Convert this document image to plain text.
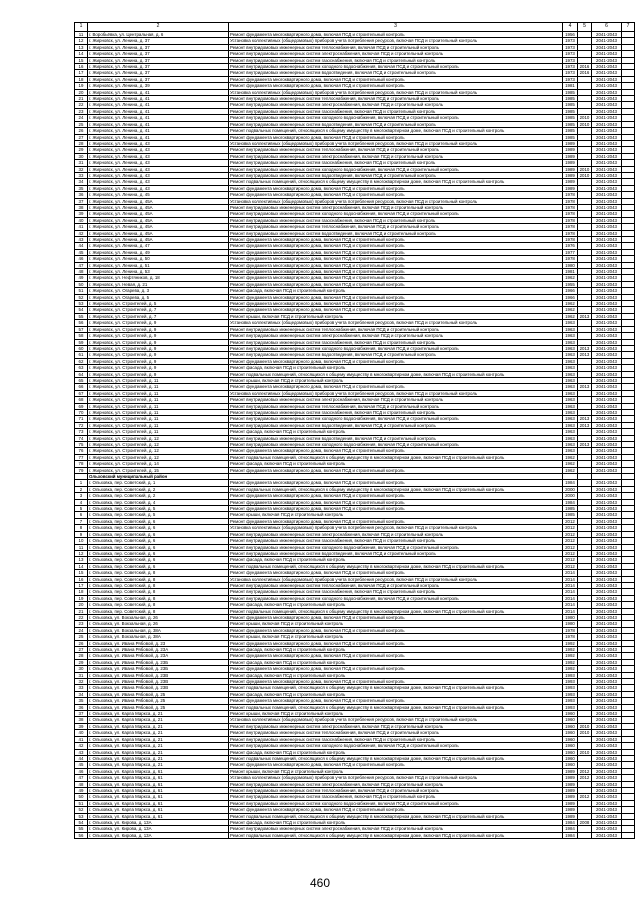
1	2	3	4	5	6	7
11	г. Воробьёвка, ул. Центральная, д. 6	Ремонт фундамента многоквартирного дома, включая ПСД и строительный контроль	1956		2041-2043	
12	г. Жирновск, ул. Ленина, д. 37	Установка коллективных (общедомовых) приборов учета потребления ресурсов, включая ПСД и строительный контроль	1973		2041-2043	
13	г. Жирновск, ул. Ленина, д. 37	Ремонт внутридомовых инженерных систем теплоснабжения, включая ПСД и строительный контроль	1973		2041-2043	
14	г. Жирновск, ул. Ленина, д. 37	Ремонт внутридомовых инженерных систем электроснабжения, включая ПСД и строительный контроль	1973		2041-2043	
15	г. Жирновск, ул. Ленина, д. 37	Ремонт внутридомовых инженерных систем газоснабжения, включая ПСД и строительный контроль	1973		2041-2043	
16	г. Жирновск, ул. Ленина, д. 37	Ремонт внутридомовых инженерных систем холодного водоснабжения, включая ПСД и строительный контроль	1973	2016	2041-2043	
17	г. Жирновск, ул. Ленина, д. 37	Ремонт внутридомовых инженерных систем водоотведения, включая ПСД и строительный контроль	1973	2016	2041-2043	
18	г. Жирновск, ул. Ленина, д. 37	Ремонт фундамента многоквартирного дома, включая ПСД и строительный контроль	1973		2041-2043	
19	г. Жирновск, ул. Ленина, д. 39	Ремонт фундамента многоквартирного дома, включая ПСД и строительный контроль	1981		2041-2043	
20	г. Жирновск, ул. Ленина, д. 41	Установка коллективных (общедомовых) приборов учета потребления ресурсов, включая ПСД и строительный контроль	1985		2041-2043	
21	г. Жирновск, ул. Ленина, д. 41	Ремонт внутридомовых инженерных систем теплоснабжения, включая ПСД и строительный контроль	1985		2041-2043	
22	г. Жирновск, ул. Ленина, д. 41	Ремонт внутридомовых инженерных систем электроснабжения, включая ПСД и строительный контроль	1985		2041-2043	
23	г. Жирновск, ул. Ленина, д. 41	Ремонт внутридомовых инженерных систем газоснабжения, включая ПСД и строительный контроль	1985		2041-2043	
24	г. Жирновск, ул. Ленина, д. 41	Ремонт внутридомовых инженерных систем холодного водоснабжения, включая ПСД и строительный контроль	1985	2010	2041-2043	
25	г. Жирновск, ул. Ленина, д. 41	Ремонт внутридомовых инженерных систем водоотведения, включая ПСД и строительный контроль	1985	2010	2041-2043	
26	г. Жирновск, ул. Ленина, д. 41	Ремонт подвальных помещений, относящихся к общему имуществу в многоквартирном доме, включая ПСД и строительный контроль	1985		2041-2043	
27	г. Жирновск, ул. Ленина, д. 41	Ремонт фундамента многоквартирного дома, включая ПСД и строительный контроль	1985		2041-2043	
28	г. Жирновск, ул. Ленина, д. 43	Установка коллективных (общедомовых) приборов учета потребления ресурсов, включая ПСД и строительный контроль	1989		2041-2043	
29	г. Жирновск, ул. Ленина, д. 43	Ремонт внутридомовых инженерных систем теплоснабжения, включая ПСД и строительный контроль	1989		2041-2043	
30	г. Жирновск, ул. Ленина, д. 43	Ремонт внутридомовых инженерных систем электроснабжения, включая ПСД и строительный контроль	1989		2041-2043	
31	г. Жирновск, ул. Ленина, д. 43	Ремонт внутридомовых инженерных систем газоснабжения, включая ПСД и строительный контроль	1989		2041-2043	
32	г. Жирновск, ул. Ленина, д. 43	Ремонт внутридомовых инженерных систем холодного водоснабжения, включая ПСД и строительный контроль	1989	2010	2041-2043	
33	г. Жирновск, ул. Ленина, д. 43	Ремонт внутридомовых инженерных систем водоотведения, включая ПСД и строительный контроль	1989	2010	2041-2043	
34	г. Жирновск, ул. Ленина, д. 43	Ремонт подвальных помещений, относящихся к общему имуществу в многоквартирном доме, включая ПСД и строительный контроль	1989		2041-2043	
35	г. Жирновск, ул. Ленина, д. 43	Ремонт фундамента многоквартирного дома, включая ПСД и строительный контроль	1989		2041-2043	
36	г. Жирновск, ул. Ленина, д. 45	Ремонт фундамента многоквартирного дома, включая ПСД и строительный контроль	1978		2041-2043	
37	г. Жирновск, ул. Ленина, д. 45А	Установка коллективных (общедомовых) приборов учета потребления ресурсов, включая ПСД и строительный контроль	1978		2041-2043	
38	г. Жирновск, ул. Ленина, д. 45А	Ремонт внутридомовых инженерных систем электроснабжения, включая ПСД и строительный контроль	1978		2041-2043	
39	г. Жирновск, ул. Ленина, д. 45А	Ремонт внутридомовых инженерных систем холодного водоснабжения, включая ПСД и строительный контроль	1978		2041-2043	
40	г. Жирновск, ул. Ленина, д. 45А	Ремонт внутридомовых инженерных систем газоснабжения, включая ПСД и строительный контроль	1978		2041-2043	
41	г. Жирновск, ул. Ленина, д. 45А	Ремонт внутридомовых инженерных систем теплоснабжения, включая ПСД и строительный контроль	1978		2041-2043	
42	г. Жирновск, ул. Ленина, д. 45А	Ремонт внутридомовых инженерных систем водоотведения, включая ПСД и строительный контроль	1978		2041-2043	
43	г. Жирновск, ул. Ленина, д. 45А	Ремонт фундамента многоквартирного дома, включая ПСД и строительный контроль	1978		2041-2043	
44	г. Жирновск, ул. Ленина, д. 47	Ремонт фундамента многоквартирного дома, включая ПСД и строительный контроль	1976		2041-2043	
45	г. Жирновск, ул. Ленина, д. 49	Ремонт фундамента многоквартирного дома, включая ПСД и строительный контроль	1977		2041-2043	
46	г. Жирновск, ул. Ленина, д. 50	Ремонт фундамента многоквартирного дома, включая ПСД и строительный контроль	1978		2041-2043	
47	г. Жирновск, ул. Ленина, д. 51	Ремонт фундамента многоквартирного дома, включая ПСД и строительный контроль	1980		2041-2043	
48	г. Жирновск, ул. Ленина, д. 53	Ремонт фундамента многоквартирного дома, включая ПСД и строительный контроль	1981		2041-2043	
49	г. Жирновск, ул. Нефтяников, д. 18	Ремонт фундамента многоквартирного дома, включая ПСД и строительный контроль	1962		2041-2043	
50	г. Жирновск, ул. Невая, д. 21	Ремонт фундамента многоквартирного дома, включая ПСД и строительный контроль	1955		2041-2043	
51	г. Жирновск, ул. Огарева, д. 3	Ремонт фасада, включая ПСД и строительный контроль	1966		2041-2043	
52	г. Жирновск, ул. Огарева, д. 5	Ремонт фундамента многоквартирного дома, включая ПСД и строительный контроль	1966		2041-2043	
53	г. Жирновск, ул. Строителей, д. 5	Ремонт фундамента многоквартирного дома, включая ПСД и строительный контроль	1962		2041-2043	
54	г. Жирновск, ул. Строителей, д. 7	Ремонт фундамента многоквартирного дома, включая ПСД и строительный контроль	1962		2041-2043	
55	г. Жирновск, ул. Строителей, д. 7	Ремонт крыши, включая ПСД и строительный контроль	1962	2013	2041-2043	
56	г. Жирновск, ул. Строителей, д. 9	Установка коллективных (общедомовых) приборов учета потребления ресурсов, включая ПСД и строительный контроль	1963		2041-2043	
57	г. Жирновск, ул. Строителей, д. 9	Ремонт внутридомовых инженерных систем теплоснабжения, включая ПСД и строительный контроль	1963		2041-2043	
58	г. Жирновск, ул. Строителей, д. 9	Ремонт внутридомовых инженерных систем электроснабжения, включая ПСД и строительный контроль	1963		2041-2043	
59	г. Жирновск, ул. Строителей, д. 9	Ремонт внутридомовых инженерных систем газоснабжения, включая ПСД и строительный контроль	1963		2041-2043	
60	г. Жирновск, ул. Строителей, д. 9	Ремонт внутридомовых инженерных систем холодного водоснабжения, включая ПСД и строительный контроль	1963	2013	2041-2043	
61	г. Жирновск, ул. Строителей, д. 9	Ремонт внутридомовых инженерных систем водоотведения, включая ПСД и строительный контроль	1963	2013	2041-2043	
62	г. Жирновск, ул. Строителей, д. 9	Ремонт фундамента многоквартирного дома, включая ПСД и строительный контроль	1963		2041-2043	
63	г. Жирновск, ул. Строителей, д. 9	Ремонт фасада, включая ПСД и строительный контроль	1963		2041-2043	
64	г. Жирновск, ул. Строителей, д. 9	Ремонт подвальных помещений, относящихся к общему имуществу в многоквартирном доме, включая ПСД и строительный контроль	1963		2041-2043	
65	г. Жирновск, ул. Строителей, д. 11	Ремонт крыши, включая ПСД и строительный контроль	1963		2041-2043	
66	г. Жирновск, ул. Строителей, д. 11	Ремонт фундамента многоквартирного дома, включая ПСД и строительный контроль	1963	2013	2041-2043	
67	г. Жирновск, ул. Строителей, д. 11	Установка коллективных (общедомовых) приборов учета потребления ресурсов, включая ПСД и строительный контроль	1963		2041-2043	
68	г. Жирновск, ул. Строителей, д. 11	Ремонт внутридомовых инженерных систем электроснабжения, включая ПСД и строительный контроль	1963		2041-2043	
69	г. Жирновск, ул. Строителей, д. 11	Ремонт внутридомовых инженерных систем теплоснабжения, включая ПСД и строительный контроль	1963		2041-2043	
70	г. Жирновск, ул. Строителей, д. 11	Ремонт внутридомовых инженерных систем газоснабжения, включая ПСД и строительный контроль	1963		2041-2043	
71	г. Жирновск, ул. Строителей, д. 11	Ремонт внутридомовых инженерных систем холодного водоснабжения, включая ПСД и строительный контроль	1963	2013	2041-2043	
72	г. Жирновск, ул. Строителей, д. 11	Ремонт внутридомовых инженерных систем водоотведения, включая ПСД и строительный контроль	1963	2013	2041-2043	
73	г. Жирновск, ул. Строителей, д. 11	Ремонт фасада, включая ПСД и строительный контроль	1963		2041-2043	
74	г. Жирновск, ул. Строителей, д. 12	Ремонт внутридомовых инженерных систем водоотведения, включая ПСД и строительный контроль	1963		2041-2043	
75	г. Жирновск, ул. Строителей, д. 12	Ремонт внутридомовых инженерных систем холодного водоснабжения, включая ПСД и строительный контроль	1963	2013	2041-2043	
76	г. Жирновск, ул. Строителей, д. 12	Ремонт фундамента многоквартирного дома, включая ПСД и строительный контроль	1963		2041-2043	
77	г. Жирновск, ул. Строителей, д. 12	Ремонт подвальных помещений, относящихся к общему имуществу в многоквартирном доме, включая ПСД и строительный контроль	1962		2041-2043	
78	г. Жирновск, ул. Строителей, д. 14	Ремонт фасада, включая ПСД и строительный контроль	1962		2041-2043	
79	г. Жирновск, ул. Строителей, д. 15	Ремонт фундамента многоквартирного дома, включая ПСД и строительный контроль	1962		2041-2043	
	Ольховский муниципальный район					
1	г. Ольховка, пер. Советский, д. 1	Ремонт фундамента многоквартирного дома, включая ПСД и строительный контроль	1984		2041-2043	
2	г. Ольховка, пер. Советский, д. 2	Ремонт подвальных помещений, относящихся к общему имуществу в многоквартирном доме, включая ПСД и строительный контроль	2000		2041-2043	
3	г. Ольховка, пер. Советский, д. 2	Ремонт фундамента многоквартирного дома, включая ПСД и строительный контроль	2000		2041-2043	
4	г. Ольховка, пер. Советский, д. 4	Ремонт фундамента многоквартирного дома, включая ПСД и строительный контроль	1984		2041-2043	
5	г. Ольховка, пер. Советский, д. 5	Ремонт фундамента многоквартирного дома, включая ПСД и строительный контроль	1985		2041-2043	
6	г. Ольховка, пер. Советский, д. 5	Ремонт крыши, включая ПСД и строительный контроль	1985		2041-2043	
7	г. Ольховка, пер. Советский, д. 6	Ремонт фундамента многоквартирного дома, включая ПСД и строительный контроль	2012		2041-2043	
8	г. Ольховка, пер. Советский, д. 6	Установка коллективных (общедомовых) приборов учета потребления ресурсов, включая ПСД и строительный контроль	2012		2041-2043	
9	г. Ольховка, пер. Советский, д. 6	Ремонт внутридомовых инженерных систем электроснабжения, включая ПСД и строительный контроль	2012		2041-2043	
10	г. Ольховка, пер. Советский, д. 6	Ремонт внутридомовых инженерных систем газоснабжения, включая ПСД и строительный контроль	2012		2041-2043	
11	г. Ольховка, пер. Советский, д. 6	Ремонт внутридомовых инженерных систем холодного водоснабжения, включая ПСД и строительный контроль	2012		2041-2043	
12	г. Ольховка, пер. Советский, д. 6	Ремонт внутридомовых инженерных систем водоотведения, включая ПСД и строительный контроль	2012		2041-2043	
13	г. Ольховка, пер. Советский, д. 6	Ремонт фасада, включая ПСД и строительный контроль	2012		2041-2043	
14	г. Ольховка, пер. Советский, д. 6	Ремонт подвальных помещений, относящихся к общему имуществу в многоквартирном доме, включая ПСД и строительный контроль	2012		2041-2043	
15	г. Ольховка, пер. Советский, д. 8	Ремонт фундамента многоквартирного дома, включая ПСД и строительный контроль	2014		2041-2043	
16	г. Ольховка, пер. Советский, д. 8	Установка коллективных (общедомовых) приборов учета потребления ресурсов, включая ПСД и строительный контроль	2014		2041-2043	
17	г. Ольховка, пер. Советский, д. 8	Ремонт внутридомовых инженерных систем теплоснабжения, включая ПСД и строительный контроль	2014		2041-2043	
18	г. Ольховка, пер. Советский, д. 8	Ремонт внутридомовых инженерных систем газоснабжения, включая ПСД и строительный контроль	2014		2041-2043	
19	г. Ольховка, пер. Советский, д. 8	Ремонт внутридомовых инженерных систем холодного водоснабжения, включая ПСД и строительный контроль	2014		2041-2043	
20	г. Ольховка, пер. Советский, д. 8	Ремонт фасада, включая ПСД и строительный контроль	2014		2041-2043	
21	г. Ольховка, пер. Советский, д. 8	Ремонт подвальных помещений, относящихся к общему имуществу в многоквартирном доме, включая ПСД и строительный контроль	2014		2041-2043	
22	г. Ольховка, ул. Вокзальная, д. 26	Ремонт фундамента многоквартирного дома, включая ПСД и строительный контроль	1980		2041-2043	
23	г. Ольховка, ул. Вокзальная, д. 26	Ремонт крыши, включая ПСД и строительный контроль	1980		2041-2043	
24	г. Ольховка, ул. Вокзальная, д. 38А	Ремонт фундамента многоквартирного дома, включая ПСД и строительный контроль	1978		2041-2043	
25	г. Ольховка, ул. Вокзальная, д. 38А	Ремонт крыши, включая ПСД и строительный контроль	1978		2041-2043	
26	г. Ольховка, ул. Ивана Рябовой, д. 23	Ремонт фундамента многоквартирного дома, включая ПСД и строительный контроль	1992		2041-2043	
27	г. Ольховка, ул. Ивана Рябовой, д. 23А	Ремонт фасада, включая ПСД и строительный контроль	1992		2041-2043	
28	г. Ольховка, ул. Ивана Рябовой, д. 23А	Ремонт фундамента многоквартирного дома, включая ПСД и строительный контроль	1992		2041-2043	
29	г. Ольховка, ул. Ивана Рябовой, д. 23Б	Ремонт фасада, включая ПСД и строительный контроль	1992		2041-2043	
30	г. Ольховка, ул. Ивана Рябовой, д. 23Б	Ремонт фундамента многоквартирного дома, включая ПСД и строительный контроль	1992		2041-2043	
31	г. Ольховка, ул. Ивана Рябовой, д. 23В	Ремонт фасада, включая ПСД и строительный контроль	1993		2041-2043	
32	г. Ольховка, ул. Ивана Рябовой, д. 23В	Ремонт фундамента многоквартирного дома, включая ПСД и строительный контроль	1993		2041-2043	
33	г. Ольховка, ул. Ивана Рябовой, д. 23В	Ремонт подвальных помещений, относящихся к общему имуществу в многоквартирном доме, включая ПСД и строительный контроль	1993		2041-2043	
34	г. Ольховка, ул. Ивана Рябовой, д. 25	Ремонт фасада, включая ПСД и строительный контроль	1993		2041-2043	
35	г. Ольховка, ул. Ивана Рябовой, д. 25	Ремонт фундамента многоквартирного дома, включая ПСД и строительный контроль	1993		2041-2043	
36	г. Ольховка, ул. Ивана Рябовой, д. 25	Ремонт подвальных помещений, относящихся к общему имуществу в многоквартирном доме, включая ПСД и строительный контроль	1993		2041-2043	
37	г. Ольховка, ул. Карла Маркса, д. 21	Ремонт крыши, включая ПСД и строительный контроль	1960		2041-2043	
38	г. Ольховка, ул. Карла Маркса, д. 21	Установка коллективных (общедомовых) приборов учета потребления ресурсов, включая ПСД и строительный контроль	1960		2041-2043	
39	г. Ольховка, ул. Карла Маркса, д. 21	Ремонт внутридомовых инженерных систем электроснабжения, включая ПСД и строительный контроль	1960	2010	2041-2043	
40	г. Ольховка, ул. Карла Маркса, д. 21	Ремонт внутридомовых инженерных систем теплоснабжения, включая ПСД и строительный контроль	1960	2010	2041-2043	
41	г. Ольховка, ул. Карла Маркса, д. 21	Ремонт внутридомовых инженерных систем газоснабжения, включая ПСД и строительный контроль	1960		2041-2043	
42	г. Ольховка, ул. Карла Маркса, д. 21	Ремонт внутридомовых инженерных систем холодного водоснабжения, включая ПСД и строительный контроль	1960		2041-2043	
43	г. Ольховка, ул. Карла Маркса, д. 21	Ремонт фасада, включая ПСД и строительный контроль	1960	2010	2041-2043	
44	г. Ольховка, ул. Карла Маркса, д. 21	Ремонт подвальных помещений, относящихся к общему имуществу в многоквартирном доме, включая ПСД и строительный контроль	1960		2041-2043	
45	г. Ольховка, ул. Карла Маркса, д. 21	Ремонт фундамента многоквартирного дома, включая ПСД и строительный контроль	1960		2041-2043	
46	г. Ольховка, ул. Карла Маркса, д. 61	Ремонт крыши, включая ПСД и строительный контроль	1989	2012	2041-2043	
47	г. Ольховка, ул. Карла Маркса, д. 61	Установка коллективных (общедомовых) приборов учета потребления ресурсов, включая ПСД и строительный контроль	1989	2012	2041-2043	
48	г. Ольховка, ул. Карла Маркса, д. 61	Ремонт внутридомовых инженерных систем электроснабжения, включая ПСД и строительный контроль	1989		2041-2043	
49	г. Ольховка, ул. Карла Маркса, д. 61	Ремонт внутридомовых инженерных систем теплоснабжения, включая ПСД и строительный контроль	1989		2041-2043	
50	г. Ольховка, ул. Карла Маркса, д. 61	Ремонт внутридомовых инженерных систем газоснабжения, включая ПСД и строительный контроль	1989	2012	2041-2043	
51	г. Ольховка, ул. Карла Маркса, д. 61	Ремонт внутридомовых инженерных систем холодного водоснабжения, включая ПСД и строительный контроль	1989		2041-2043	
52	г. Ольховка, ул. Карла Маркса, д. 61	Ремонт фундамента многоквартирного дома, включая ПСД и строительный контроль	1989		2041-2043	
53	г. Ольховка, ул. Карла Маркса, д. 61	Ремонт подвальных помещений, относящихся к общему имуществу в многоквартирном доме, включая ПСД и строительный контроль	1989		2041-2043	
54	г. Ольховка, ул. Кирова, д. 13А	Ремонт фасада, включая ПСД и строительный контроль	1984	2008	2041-2043	
55	г. Ольховка, ул. Кирова, д. 13А	Ремонт внутридомовых инженерных систем электроснабжения, включая ПСД и строительный контроль	1984		2041-2043	
56	г. Ольховка, ул. Кирова, д. 13А	Ремонт подвальных помещений, относящихся к общему имуществу в многоквартирном доме, включая ПСД и строительный контроль	1984		2041-2043	
460
